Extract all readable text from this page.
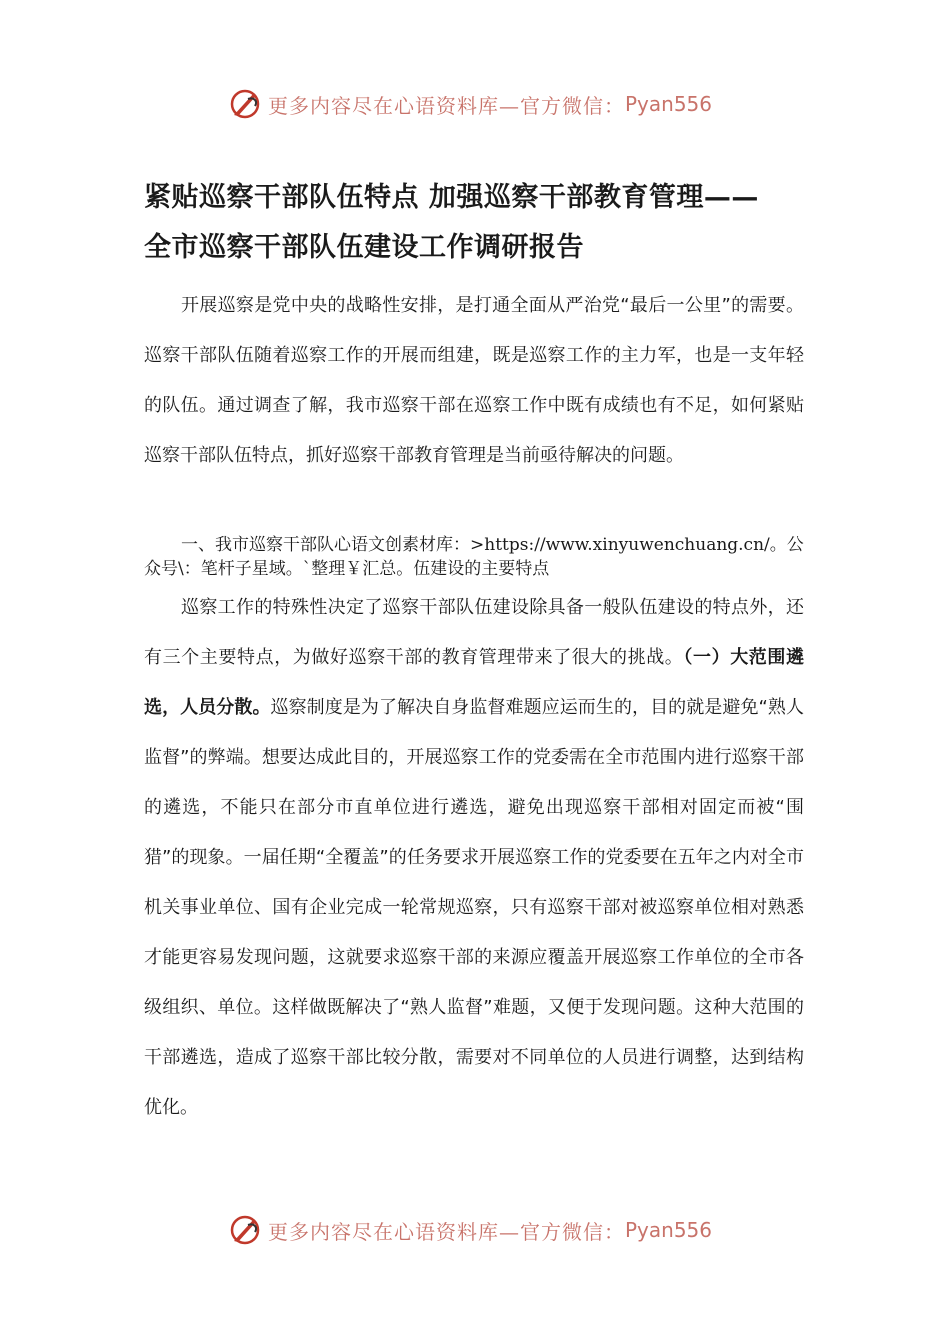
更多内容尽在心语资料库—官方微信： Pyan556
紧贴巡察干部队伍特点 加强巡察干部教育管理——
全市巡察干部队伍建设工作调研报告

开展巡察是党中央的战略性安排，是打通全面从严治党“最后一公里”的需要。巡察干部队伍随着巡察工作的开展而组建，既是巡察工作的主力军，也是一支年轻的队伍。通过调查了解，我市巡察干部在巡察工作中既有成绩也有不足，如何紧贴巡察干部队伍特点，抓好巡察干部教育管理是当前亟待解决的问题。

一、我市巡察干部队心语文创素材库：>https://www.xinyuwenchuang.cn/。公众号\：笔杆子星域。`整理￥汇总。伍建设的主要特点

巡察工作的特殊性决定了巡察干部队伍建设除具备一般队伍建设的特点外，还有三个主要特点，为做好巡察干部的教育管理带来了很大的挑战。（一）大范围遴选，人员分散。巡察制度是为了解决自身监督难题应运而生的，目的就是避免“熟人监督”的弊端。想要达成此目的，开展巡察工作的党委需在全市范围内进行巡察干部的遴选，不能只在部分市直单位进行遴选，避免出现巡察干部相对固定而被“围猎”的现象。一届任期“全覆盖”的任务要求开展巡察工作的党委要在五年之内对全市机关事业单位、国有企业完成一轮常规巡察，只有巡察干部对被巡察单位相对熟悉才能更容易发现问题，这就要求巡察干部的来源应覆盖开展巡察工作单位的全市各级组织、单位。这样做既解决了“熟人监督”难题，又便于发现问题。这种大范围的干部遴选，造成了巡察干部比较分散，需要对不同单位的人员进行调整，达到结构优化。

更多内容尽在心语资料库—官方微信： Pyan556
